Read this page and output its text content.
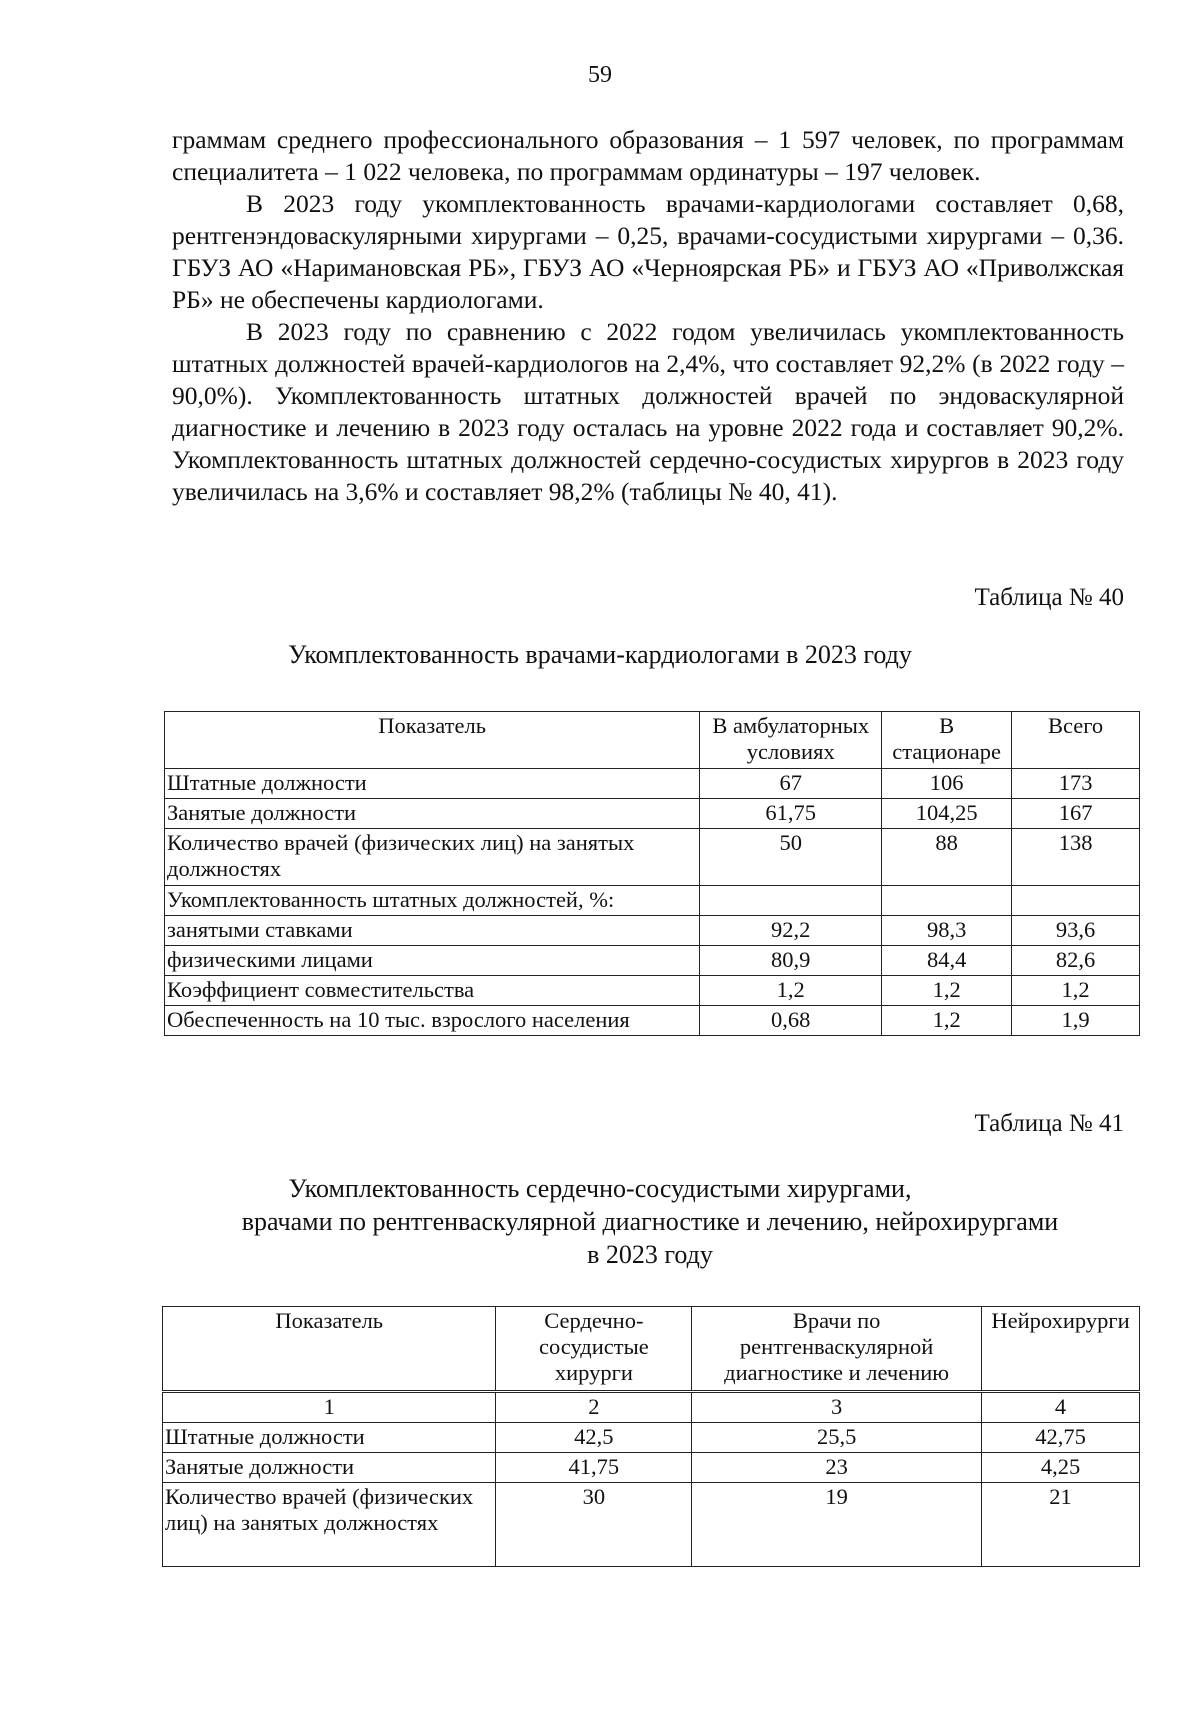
59
граммам среднего профессионального образования – 1 597 человек, по программам специалитета – 1 022 человека, по программам ординатуры – 197 человек.
В 2023 году укомплектованность врачами-кардиологами составляет 0,68, рентгенэндоваскулярными хирургами – 0,25, врачами-сосудистыми хирургами – 0,36. ГБУЗ АО «Наримановская РБ», ГБУЗ АО «Черноярская РБ» и ГБУЗ АО «Приволжская РБ» не обеспечены кардиологами.
В 2023 году по сравнению с 2022 годом увеличилась укомплектованность штатных должностей врачей-кардиологов на 2,4%, что составляет 92,2% (в 2022 году – 90,0%). Укомплектованность штатных должностей врачей по эндоваскулярной диагностике и лечению в 2023 году осталась на уровне 2022 года и составляет 90,2%. Укомплектованность штатных должностей сердечно-сосудистых хирургов в 2023 году увеличилась на 3,6% и составляет 98,2% (таблицы № 40, 41).
Таблица № 40
Укомплектованность врачами-кардиологами в 2023 году
Показатель	В амбулаторных условиях	В стационаре	Всего
Штатные должности	67	106	173
Занятые должности	61,75	104,25	167
Количество врачей (физических лиц) на занятых должностях	50	88	138
Укомплектованность штатных должностей, %:			
занятыми ставками	92,2	98,3	93,6
физическими лицами	80,9	84,4	82,6
Коэффициент совместительства	1,2	1,2	1,2
Обеспеченность на 10 тыс. взрослого населения	0,68	1,2	1,9
Таблица № 41
Укомплектованность сердечно-сосудистыми хирургами,
врачами по рентгенваскулярной диагностике и лечению, нейрохирургами
в 2023 году
Показатель	Сердечно-сосудистые хирурги	Врачи по рентгенваскулярной диагностике и лечению	Нейрохирурги
1	2	3	4
Штатные должности	42,5	25,5	42,75
Занятые должности	41,75	23	4,25
Количество врачей (физических лиц) на занятых должностях	30	19	21
